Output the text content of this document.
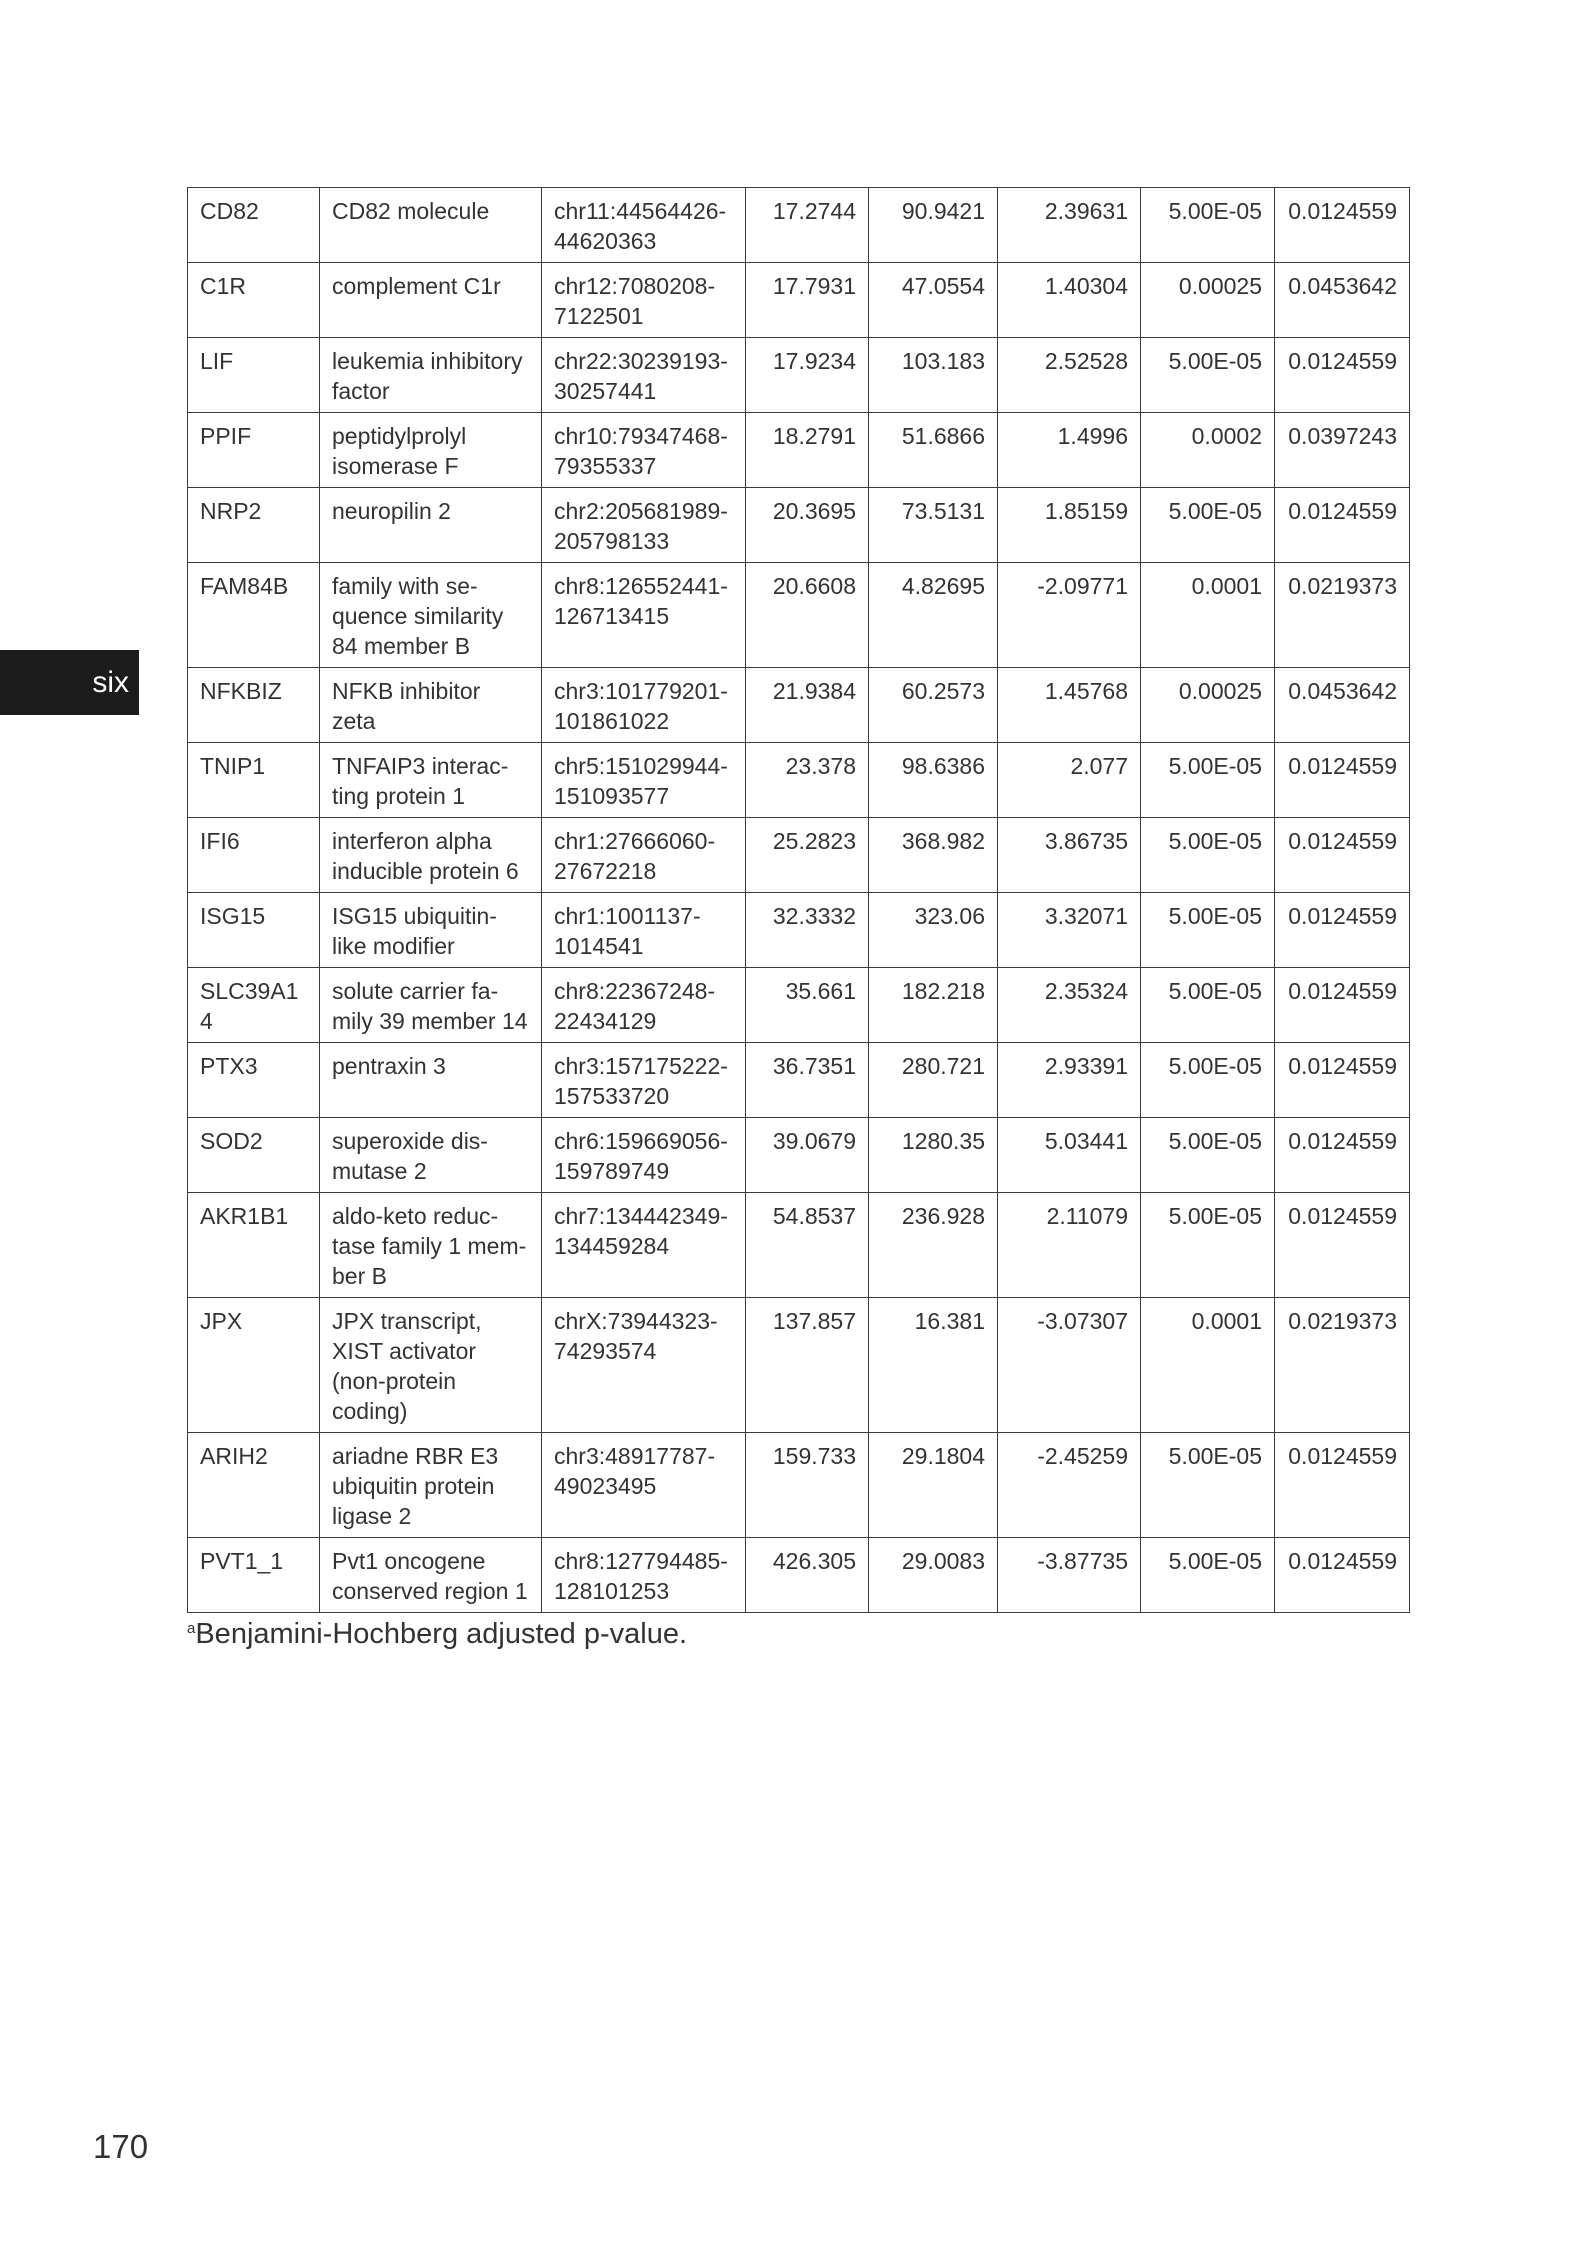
six
CD82	CD82 molecule	chr11:44564426-44620363	17.2744	90.9421	2.39631	5.00E-05	0.0124559
C1R	complement C1r	chr12:7080208-7122501	17.7931	47.0554	1.40304	0.00025	0.0453642
LIF	leukemia inhibitory factor	chr22:30239193-30257441	17.9234	103.183	2.52528	5.00E-05	0.0124559
PPIF	peptidylprolyl isomerase F	chr10:79347468-79355337	18.2791	51.6866	1.4996	0.0002	0.0397243
NRP2	neuropilin 2	chr2:205681989-205798133	20.3695	73.5131	1.85159	5.00E-05	0.0124559
FAM84B	family with se-quence similarity 84 member B	chr8:126552441-126713415	20.6608	4.82695	-2.09771	0.0001	0.0219373
NFKBIZ	NFKB inhibitor zeta	chr3:101779201-101861022	21.9384	60.2573	1.45768	0.00025	0.0453642
TNIP1	TNFAIP3 interac-ting protein 1	chr5:151029944-151093577	23.378	98.6386	2.077	5.00E-05	0.0124559
IFI6	interferon alpha inducible protein 6	chr1:27666060-27672218	25.2823	368.982	3.86735	5.00E-05	0.0124559
ISG15	ISG15 ubiquitin-like modifier	chr1:1001137-1014541	32.3332	323.06	3.32071	5.00E-05	0.0124559
SLC39A14	solute carrier fa-mily 39 member 14	chr8:22367248-22434129	35.661	182.218	2.35324	5.00E-05	0.0124559
PTX3	pentraxin 3	chr3:157175222-157533720	36.7351	280.721	2.93391	5.00E-05	0.0124559
SOD2	superoxide dis-mutase 2	chr6:159669056-159789749	39.0679	1280.35	5.03441	5.00E-05	0.0124559
AKR1B1	aldo-keto reduc-tase family 1 mem-ber B	chr7:134442349-134459284	54.8537	236.928	2.11079	5.00E-05	0.0124559
JPX	JPX transcript, XIST activator (non-protein coding)	chrX:73944323-74293574	137.857	16.381	-3.07307	0.0001	0.0219373
ARIH2	ariadne RBR E3 ubiquitin protein ligase 2	chr3:48917787-49023495	159.733	29.1804	-2.45259	5.00E-05	0.0124559
PVT1_1	Pvt1 oncogene conserved region 1	chr8:127794485-128101253	426.305	29.0083	-3.87735	5.00E-05	0.0124559
$^a$Benjamini-Hochberg adjusted p-value.
170
